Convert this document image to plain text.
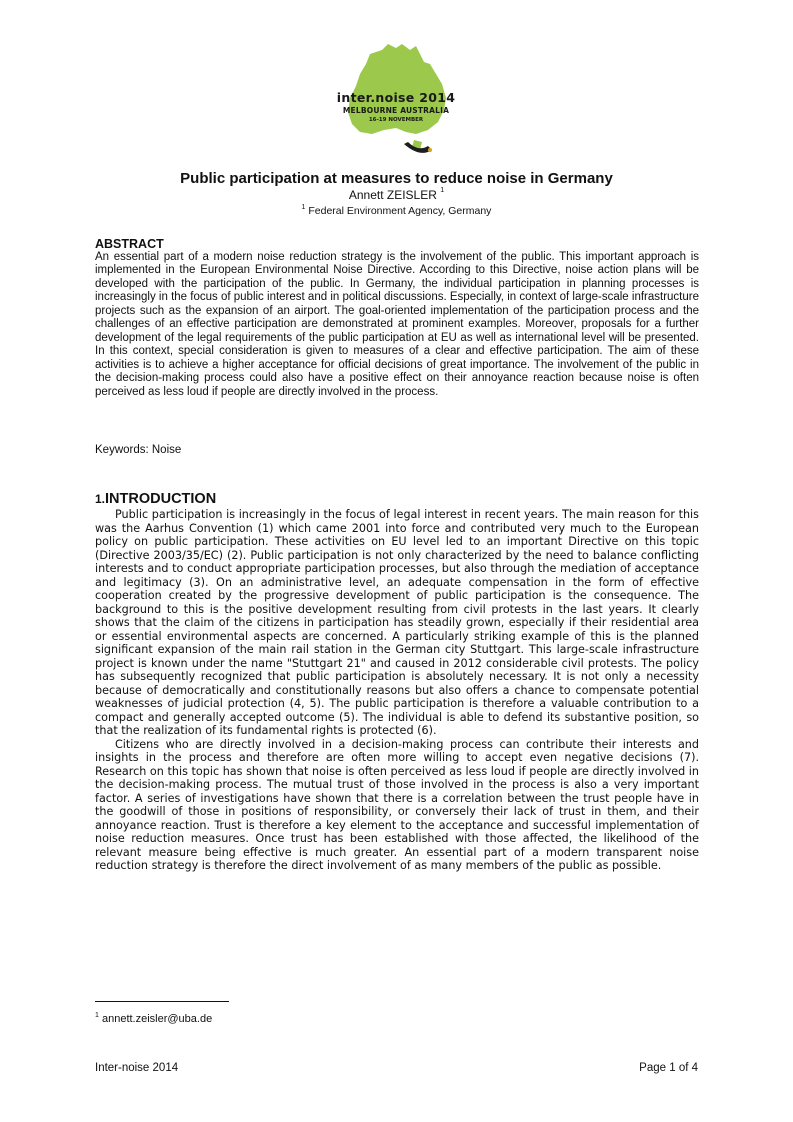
inter.noise 2014
MELBOURNE AUSTRALIA
16-19 NOVEMBER
Public participation at measures to reduce noise in Germany
Annett ZEISLER $^1$
$^1$ Federal Environment Agency, Germany
ABSTRACT
An essential part of a modern noise reduction strategy is the involvement of the public. This important approach is implemented in the European Environmental Noise Directive. According to this Directive, noise action plans will be developed with the participation of the public. In Germany, the individual participation in planning processes is increasingly in the focus of public interest and in political discussions. Especially, in context of large-scale infrastructure projects such as the expansion of an airport. The goal-oriented implementation of the participation process and the challenges of an effective participation are demonstrated at prominent examples. Moreover, proposals for a further development of the legal requirements of the public participation at EU as well as international level will be presented. In this context, special consideration is given to measures of a clear and effective participation. The aim of these activities is to achieve a higher acceptance for official decisions of great importance. The involvement of the public in the decision-making process could also have a positive effect on their annoyance reaction because noise is often perceived as less loud if people are directly involved in the process.
Keywords: Noise
1.INTRODUCTION

Public participation is increasingly in the focus of legal interest in recent years. The main reason for this was the Aarhus Convention (1) which came 2001 into force and contributed very much to the European policy on public participation. These activities on EU level led to an important Directive on this topic (Directive 2003/35/EC) (2). Public participation is not only characterized by the need to balance conflicting interests and to conduct appropriate participation processes, but also through the mediation of acceptance and legitimacy (3). On an administrative level, an adequate compensation in the form of effective cooperation created by the progressive development of public participation is the consequence. The background to this is the positive development resulting from civil protests in the last years. It clearly shows that the claim of the citizens in participation has steadily grown, especially if their residential area or essential environmental aspects are concerned. A particularly striking example of this is the planned significant expansion of the main rail station in the German city Stuttgart. This large-scale infrastructure project is known under the name "Stuttgart 21" and caused in 2012 considerable civil protests. The policy has subsequently recognized that public participation is absolutely necessary. It is not only a necessity because of democratically and constitutionally reasons but also offers a chance to compensate potential weaknesses of judicial protection (4, 5). The public participation is therefore a valuable contribution to a compact and generally accepted outcome (5). The individual is able to defend its substantive position, so that the realization of its fundamental rights is protected (6).

Citizens who are directly involved in a decision-making process can contribute their interests and insights in the process and therefore are often more willing to accept even negative decisions (7). Research on this topic has shown that noise is often perceived as less loud if people are directly involved in the decision-making process. The mutual trust of those involved in the process is also a very important factor. A series of investigations have shown that there is a correlation between the trust people have in the goodwill of those in positions of responsibility, or conversely their lack of trust in them, and their annoyance reaction. Trust is therefore a key element to the acceptance and successful implementation of noise reduction measures. Once trust has been established with those affected, the likelihood of the relevant measure being effective is much greater. An essential part of a modern transparent noise reduction strategy is therefore the direct involvement of as many members of the public as possible.

$^1$ annett.zeisler@uba.de
Inter-noise 2014	Page 1 of 4
